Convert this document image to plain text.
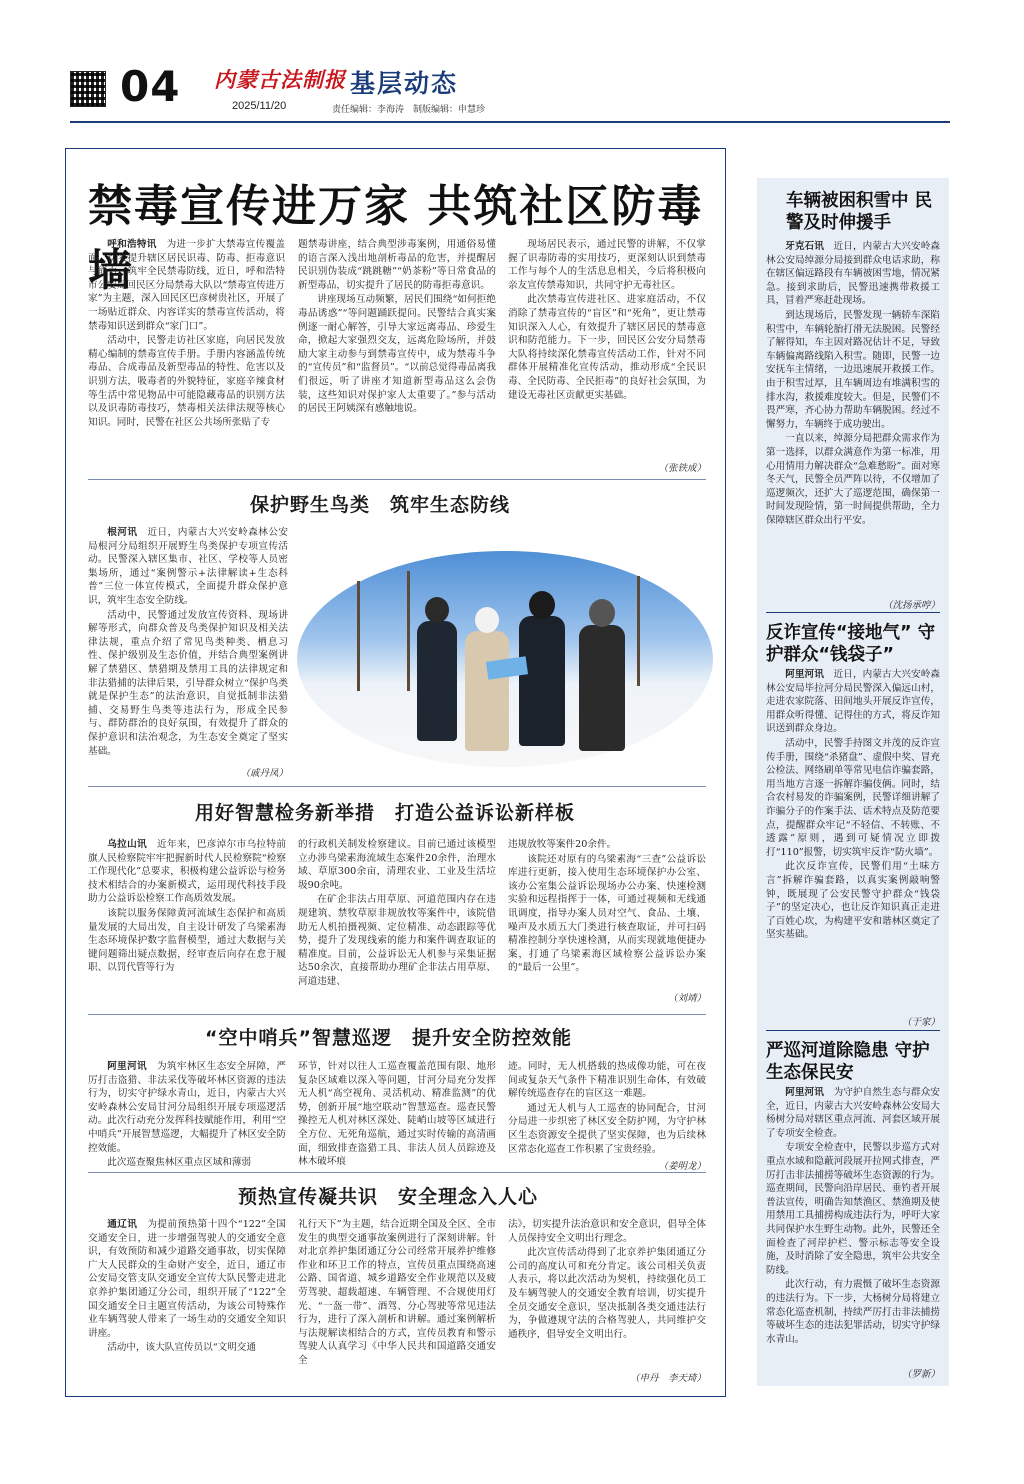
04 内蒙古法制报
2025/11/20
基层动态
责任编辑：李海涛　制版编辑：申慧珍
禁毒宣传进万家 共筑社区防毒墙

呼和浩特讯　 为进一步扩大禁毒宣传覆盖面，切实提升辖区居民识毒、防毒、拒毒意识与能力，筑牢全民禁毒防线，近日，呼和浩特市公安局回民区分局禁毒大队以“禁毒宣传进万家”为主题，深入回民区巴彦树贵社区，开展了一场贴近群众、内容详实的禁毒宣传活动，将禁毒知识送到群众“家门口”。

活动中，民警走访社区家庭，向居民发放精心编制的禁毒宣传手册。手册内容涵盖传统毒品、合成毒品及新型毒品的特性、危害以及识别方法，吸毒者的外貌特征，家庭辛辣食材等生活中常见物品中可能隐藏毒品的识别方法以及识毒防毒技巧，禁毒相关法律法规等核心知识。同时，民警在社区公共场所张贴了专

题禁毒讲座，结合典型涉毒案例，用通俗易懂的语言深入浅出地剖析毒品的危害，并提醒居民识别伪装成“跳跳糖”“奶茶粉”等日常食品的新型毒品，切实提升了居民的防毒拒毒意识。

讲座现场互动频繁，居民们围绕“如何拒绝毒品诱惑”“等问题踊跃提问。民警结合真实案例逐一耐心解答，引导大家远离毒品、珍爱生命，掀起大家强烈交友，远离危险场所，并鼓励大家主动参与到禁毒宣传中，成为禁毒斗争的“宣传员”和“监督员”。“以前总觉得毒品离我们很远，听了讲座才知道新型毒品这么会伪装，这些知识对保护家人太重要了。”参与活动的居民王阿姨深有感触地说。

现场居民表示，通过民警的讲解，不仅掌握了识毒防毒的实用技巧，更深刻认识到禁毒工作与每个人的生活息息相关，今后将积极向亲友宣传禁毒知识，共同守护无毒社区。

此次禁毒宣传进社区、进家庭活动，不仅消除了禁毒宣传的“盲区”和“死角”，更让禁毒知识深入人心，有效提升了辖区居民的禁毒意识和防范能力。下一步，回民区公安分局禁毒大队将持续深化禁毒宣传活动工作，针对不同群体开展精准化宣传活动，推动形成“全民识毒、全民防毒、全民拒毒”的良好社会氛围，为建设无毒社区贡献更实基础。

（张铁成）
保护野生鸟类　筑牢生态防线

根河讯　 近日，内蒙古大兴安岭森林公安局根河分局组织开展野生鸟类保护专项宣传活动。民警深入辖区集市、社区、学校等人员密集场所，通过“案例警示+法律解读+生态科普”三位一体宣传模式，全面提升群众保护意识，筑牢生态安全防线。

活动中，民警通过发放宣传资料、现场讲解等形式，向群众普及鸟类保护知识及相关法律法规，重点介绍了常见鸟类种类、栖息习性、保护级别及生态价值，并结合典型案例讲解了禁猎区、禁猎期及禁用工具的法律规定和非法猎捕的法律后果，引导群众树立“保护鸟类就是保护生态”的法治意识，自觉抵制非法猎捕、交易野生鸟类等违法行为，形成全民参与、群防群治的良好氛围，有效提升了群众的保护意识和法治观念，为生态安全奠定了坚实基础。

（戚丹凤）
用好智慧检务新举措　打造公益诉讼新样板

乌拉山讯　 近年来，巴彦淖尔市乌拉特前旗人民检察院牢牢把握新时代人民检察院“检察工作现代化”总要求，积极构建公益诉讼与检务技术相结合的办案新模式，运用现代科技手段助力公益诉讼检察工作高质效发展。

该院以服务保障黄河流域生态保护和高质量发展的大局出发，自主设计研发了乌梁素海生态环境保护数字监督模型，通过大数据与关键问题筛出疑点数据，经审查后向存在怠于履职、以罚代管等行为

的行政机关制发检察建议。目前已通过该模型立办涉乌梁素海流域生态案件20余件，治理水域、草原300余亩，清理农业、工业及生活垃圾90余吨。

在矿企非法占用草原、河道范围内存在违规建筑、禁牧草原非规放牧等案件中，该院借助无人机拍摄视频、定位精准、动态跟踪等优势，提升了发现线索的能力和案件调查取证的精准度。目前，公益诉讼无人机参与采集证据达50余次，直接帮助办理矿企非法占用草原、河道违建、

违规放牧等案件20余件。

该院还对原有的乌梁素海“三查”公益诉讼库进行更新，接入使用生态环境保护办公室、该办公室集公益诉讼现场办公办案、快速检测实验和远程指挥于一体，可通过视频和无线通讯调度，指导办案人员对空气、食品、土壤、噪声及水质五大门类进行核查取证，并可扫码精准控制分享快速检测，从而实现就地便捷办案，打通了乌梁素海区域检察公益诉讼办案的“最后一公里”。

（刘靖）
“空中哨兵”智慧巡逻　提升安全防控效能

阿里河讯　 为筑牢林区生态安全屏障，严厉打击盗猎、非法采伐等破坏林区资源的违法行为，切实守护绿水青山，近日，内蒙古大兴安岭森林公安局甘河分局组织开展专项巡逻活动。此次行动充分发挥科技赋能作用，利用“空中哨兵”开展智慧巡逻，大幅提升了林区安全防控效能。

此次巡查聚焦林区重点区域和薄弱

环节，针对以往人工巡查覆盖范围有限、地形复杂区域难以深入等问题，甘河分局充分发挥无人机“高空视角、灵活机动、精准监测”的优势，创新开展“地空联动”智慧巡查。巡查民警操控无人机对林区深处、陡峭山坡等区域进行全方位、无死角巡航，通过实时传输的高清画面，细致排查盗猎工具、非法人员人员踪迹及林木破坏痕

迹。同时，无人机搭载的热成像功能，可在夜间或复杂天气条件下精准识别生命体，有效破解传统巡查存在的盲区这一难题。

通过无人机与人工巡查的协同配合，甘河分局进一步织密了林区安全防护网，为守护林区生态资源安全提供了坚实保障，也为后续林区常态化巡查工作积累了宝贵经验。

（姜明龙）
预热宣传凝共识　安全理念入人心

通辽讯　 为提前预热第十四个“122”全国交通安全日，进一步增强驾驶人的交通安全意识，有效预防和减少道路交通事故，切实保障广大人民群众的生命财产安全，近日，通辽市公安局交管支队交通安全宣传大队民警走进北京养护集团通辽分公司，组织开展了“122”全国交通安全日主题宣传活动，为该公司特殊作业车辆驾驶人带来了一场生动的交通安全知识讲座。

活动中，该大队宣传员以“文明交通

礼行天下”为主题，结合近期全国及全区、全市发生的典型交通事故案例进行了深刻讲解。针对北京养护集团通辽分公司经常开展养护维修作业和环卫工作的特点，宣传员重点围绕高速公路、国省道、城乡道路安全作业规范以及疲劳驾驶、超载超速、车辆管理、不合规使用灯光、“一盔一带”、酒驾、分心驾驶等常见违法行为，进行了深入剖析和讲解。通过案例解析与法规解读相结合的方式，宣传员教育和警示驾驶人认真学习《中华人民共和国道路交通安全

法》，切实提升法治意识和安全意识，倡导全体人员保持安全文明出行理念。

此次宣传活动得到了北京养护集团通辽分公司的高度认可和充分肯定。该公司相关负责人表示，将以此次活动为契机，持续强化员工及车辆驾驶人的交通安全教育培训，切实提升全员交通安全意识，坚决抵制各类交通违法行为，争做遵规守法的合格驾驶人，共同维护交通秩序，倡导安全文明出行。

（申丹　李天琦）
车辆被困积雪中 民警及时伸援手

牙克石讯　 近日，内蒙古大兴安岭森林公安局绰源分局接到群众电话求助，称在辖区偏远路段有车辆被困雪地，情况紧急。接到求助后，民警迅速携带救援工具，冒着严寒赶赴现场。

到达现场后，民警发现一辆轿车深陷积雪中，车辆轮胎打滑无法脱困。民警经了解得知，车主因对路况估计不足，导致车辆偏离路线陷入积雪。随即，民警一边安抚车主情绪，一边迅速展开救援工作。由于积雪过厚，且车辆周边有堆满积雪的排水沟，救援难度较大。但是，民警们不畏严寒，齐心协力帮助车辆脱困。经过不懈努力，车辆终于成功驶出。

一直以来，绰源分局把群众需求作为第一选择，以群众满意作为第一标准，用心用情用力解决群众“急难愁盼”。面对寒冬天气，民警全员严阵以待，不仅增加了巡逻频次，还扩大了巡逻范围，确保第一时间发现险情，第一时间提供帮助，全力保障辖区群众出行平安。

（沈扬承哼）
反诈宣传“接地气” 守护群众“钱袋子”

阿里河讯　 近日，内蒙古大兴安岭森林公安局毕拉河分局民警深入偏远山村，走进农家院落、田间地头开展反诈宣传，用群众听得懂、记得住的方式，将反诈知识送到群众身边。

活动中，民警手持图文并茂的反诈宣传手册，围绕“杀猪盘”、虚假中奖、冒充公检法、网络刷单等常见电信诈骗套路，用当地方言逐一拆解诈骗伎俩。同时，结合农村易发的诈骗案例，民警详细讲解了诈骗分子的作案手法、话术特点及防范要点，提醒群众牢记“不轻信、不转账、不透露”原则，遇到可疑情况立即拨打“110”报警，切实筑牢反诈“防火墙”。

此次反诈宣传，民警们用“土味方言”拆解诈骗套路，以真实案例敲响警钟，既展现了公安民警守护群众“钱袋子”的坚定决心，也让反诈知识真正走进了百姓心坎，为构建平安和谐林区奠定了坚实基础。

（于家）
严巡河道除隐患 守护生态保民安

阿里河讯　 为守护自然生态与群众安全，近日，内蒙古大兴安岭森林公安局大杨树分局对辖区重点河流、河套区域开展了专项安全检查。

专项安全检查中，民警以步巡方式对重点水域和隐蔽河段展开拉网式排查，严厉打击非法捕捞等破坏生态资源的行为。巡查期间，民警向沿岸居民、垂钓者开展普法宣传，明确告知禁渔区、禁渔期及使用禁用工具捕捞构成违法行为，呼吁大家共同保护水生野生动物。此外，民警还全面检查了河岸护栏、警示标志等安全设施，及时消除了安全隐患，筑牢公共安全防线。

此次行动，有力震慑了破坏生态资源的违法行为。下一步，大杨树分局将建立常态化巡查机制，持续严厉打击非法捕捞等破坏生态的违法犯罪活动，切实守护绿水青山。

（罗新）
